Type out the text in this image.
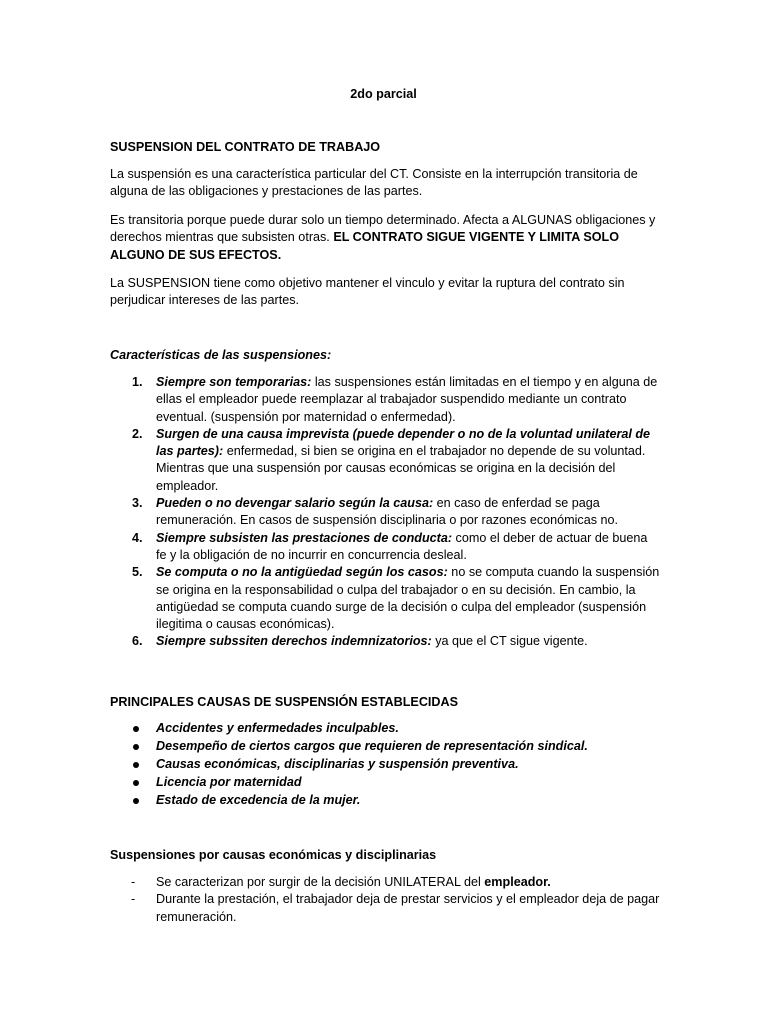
2do parcial
SUSPENSION DEL CONTRATO DE TRABAJO

La suspensión es una característica particular del CT. Consiste en la interrupción transitoria de alguna de las obligaciones y prestaciones de las partes.

Es transitoria porque puede durar solo un tiempo determinado. Afecta a ALGUNAS obligaciones y derechos mientras que subsisten otras. EL CONTRATO SIGUE VIGENTE Y LIMITA SOLO ALGUNO DE SUS EFECTOS.

La SUSPENSION tiene como objetivo mantener el vinculo y evitar la ruptura del contrato sin perjudicar intereses de las partes.

Características de las suspensiones:
1. Siempre son temporarias: las suspensiones están limitadas en el tiempo y en alguna de ellas el empleador puede reemplazar al trabajador suspendido mediante un contrato eventual. (suspensión por maternidad o enfermedad).
2. Surgen de una causa imprevista (puede depender o no de la voluntad unilateral de las partes): enfermedad, si bien se origina en el trabajador no depende de su voluntad. Mientras que una suspensión por causas económicas se origina en la decisión del empleador.
3. Pueden o no devengar salario según la causa: en caso de enferdad se paga remuneración. En casos de suspensión disciplinaria o por razones económicas no.
4. Siempre subsisten las prestaciones de conducta: como el deber de actuar de buena fe y la obligación de no incurrir en concurrencia desleal.
5. Se computa o no la antigüedad según los casos: no se computa cuando la suspensión se origina en la responsabilidad o culpa del trabajador o en su decisión. En cambio, la antigüedad se computa cuando surge de la decisión o culpa del empleador (suspensión ilegitima o causas económicas).
6. Siempre subssiten derechos indemnizatorios: ya que el CT sigue vigente.
PRINCIPALES CAUSAS DE SUSPENSIÓN ESTABLECIDAS
Accidentes y enfermedades inculpables.
Desempeño de ciertos cargos que requieren de representación sindical.
Causas económicas, disciplinarias y suspensión preventiva.
Licencia por maternidad
Estado de excedencia de la mujer.
Suspensiones por causas económicas y disciplinarias
- Se caracterizan por surgir de la decisión UNILATERAL del empleador.
- Durante la prestación, el trabajador deja de prestar servicios y el empleador deja de pagar remuneración.
